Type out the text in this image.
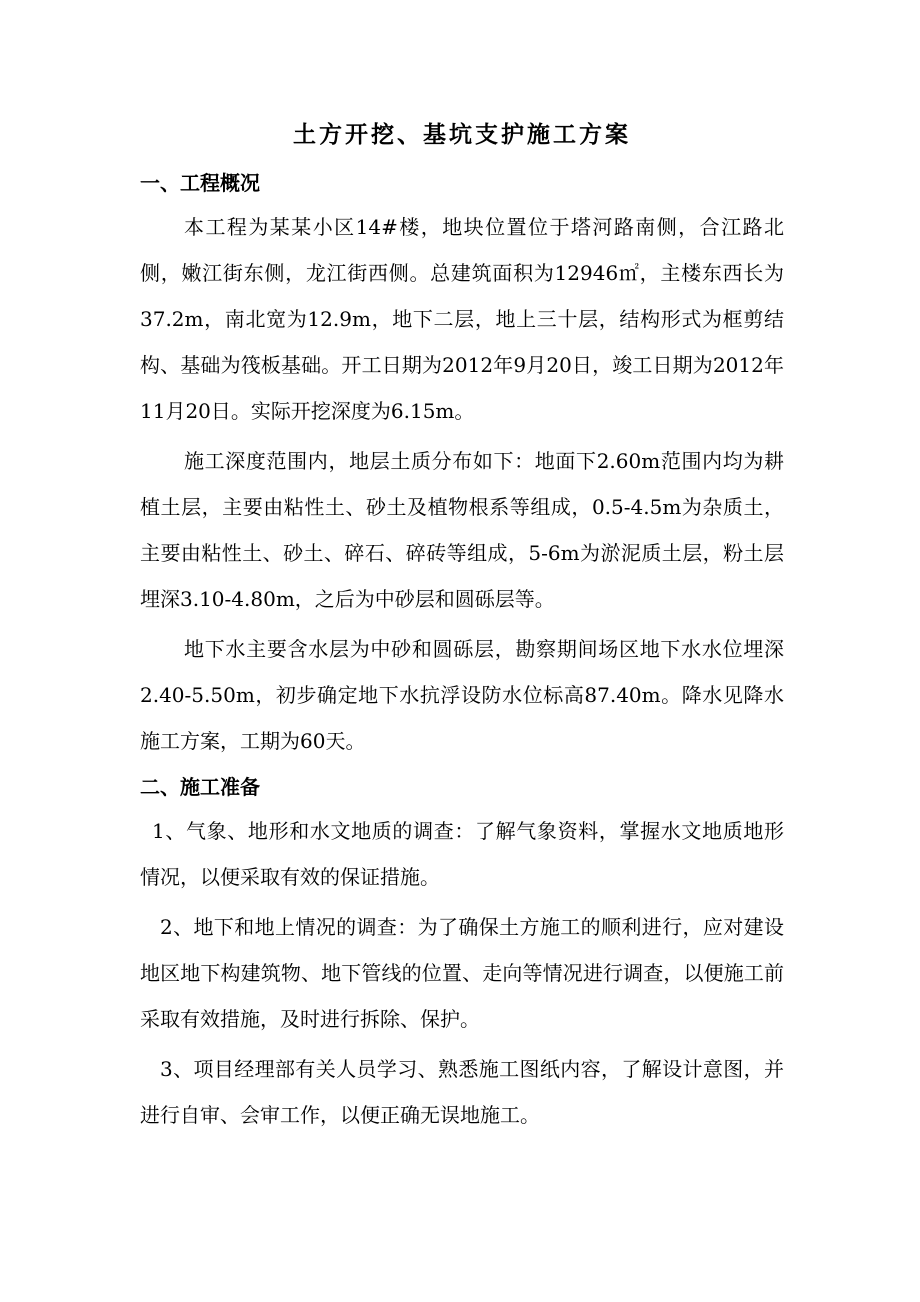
土方开挖、基坑支护施工方案
一、工程概况

本工程为某某小区14#楼，地块位置位于塔河路南侧，合江路北侧，嫩江街东侧，龙江街西侧。总建筑面积为12946㎡，主楼东西长为37.2m，南北宽为12.9m，地下二层，地上三十层，结构形式为框剪结构、基础为筏板基础。开工日期为2012年9月20日，竣工日期为2012年11月20日。实际开挖深度为6.15m。

施工深度范围内，地层土质分布如下：地面下2.60m范围内均为耕植土层，主要由粘性土、砂土及植物根系等组成，0.5-4.5m为杂质土，主要由粘性土、砂土、碎石、碎砖等组成，5-6m为淤泥质土层，粉土层埋深3.10-4.80m，之后为中砂层和圆砾层等。

地下水主要含水层为中砂和圆砾层，勘察期间场区地下水水位埋深2.40-5.50m，初步确定地下水抗浮设防水位标高87.40m。降水见降水施工方案，工期为60天。

二、施工准备

1、气象、地形和水文地质的调查：了解气象资料，掌握水文地质地形情况，以便采取有效的保证措施。

2、地下和地上情况的调查：为了确保土方施工的顺利进行，应对建设地区地下构建筑物、地下管线的位置、走向等情况进行调查，以便施工前采取有效措施，及时进行拆除、保护。

3、项目经理部有关人员学习、熟悉施工图纸内容，了解设计意图，并进行自审、会审工作，以便正确无误地施工。
